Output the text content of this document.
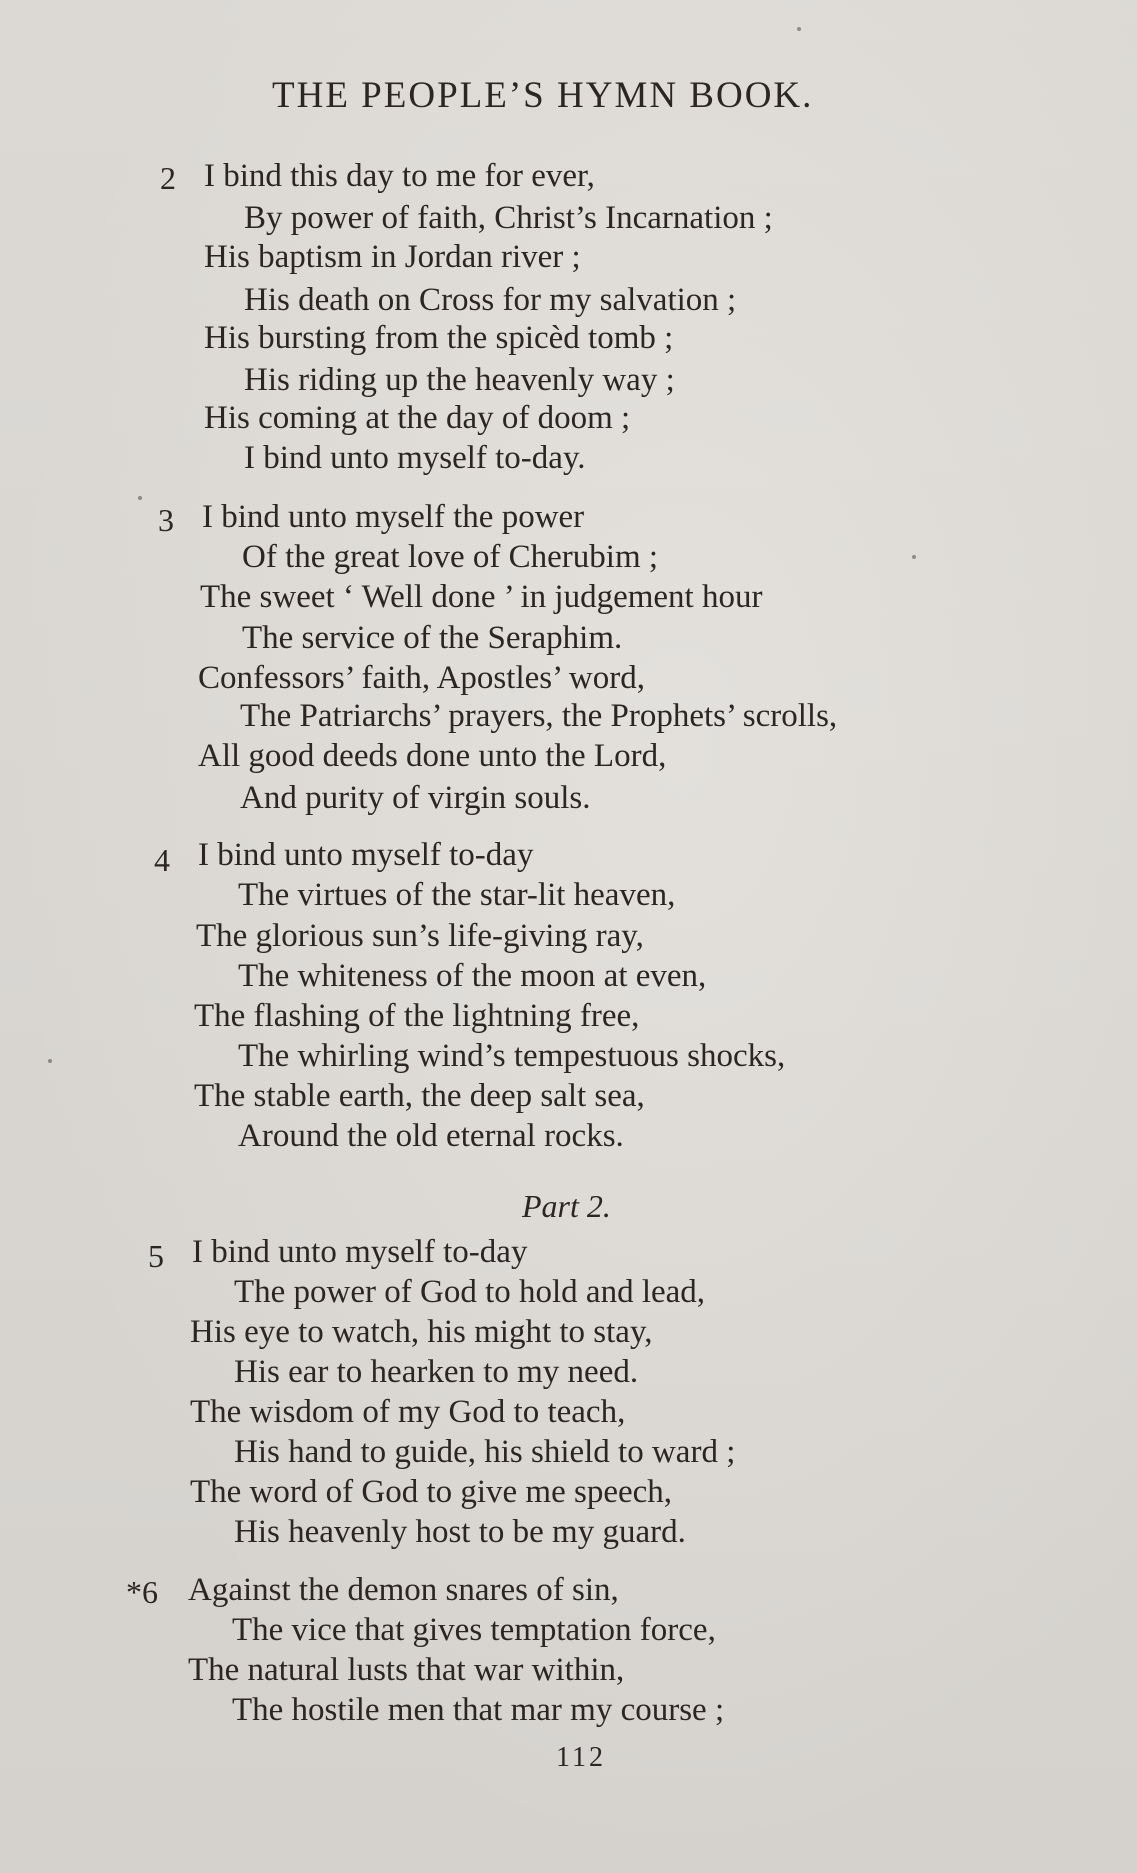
THE PEOPLE’S HYMN BOOK.
2 I bind this day to me for ever,
By power of faith, Christ’s Incarnation ;
His baptism in Jordan river ;
His death on Cross for my salvation ;
His bursting from the spicèd tomb ;
His riding up the heavenly way ;
His coming at the day of doom ;
I bind unto myself to-day.
3 I bind unto myself the power
Of the great love of Cherubim ;
The sweet ‘ Well done ’ in judgement hour
The service of the Seraphim.
Confessors’ faith, Apostles’ word,
The Patriarchs’ prayers, the Prophets’ scrolls,
All good deeds done unto the Lord,
And purity of virgin souls.
4 I bind unto myself to-day
The virtues of the star-lit heaven,
The glorious sun’s life-giving ray,
The whiteness of the moon at even,
The flashing of the lightning free,
The whirling wind’s tempestuous shocks,
The stable earth, the deep salt sea,
Around the old eternal rocks.
Part 2.
5 I bind unto myself to-day
The power of God to hold and lead,
His eye to watch, his might to stay,
His ear to hearken to my need.
The wisdom of my God to teach,
His hand to guide, his shield to ward ;
The word of God to give me speech,
His heavenly host to be my guard.
*6 Against the demon snares of sin,
The vice that gives temptation force,
The natural lusts that war within,
The hostile men that mar my course ;
112
